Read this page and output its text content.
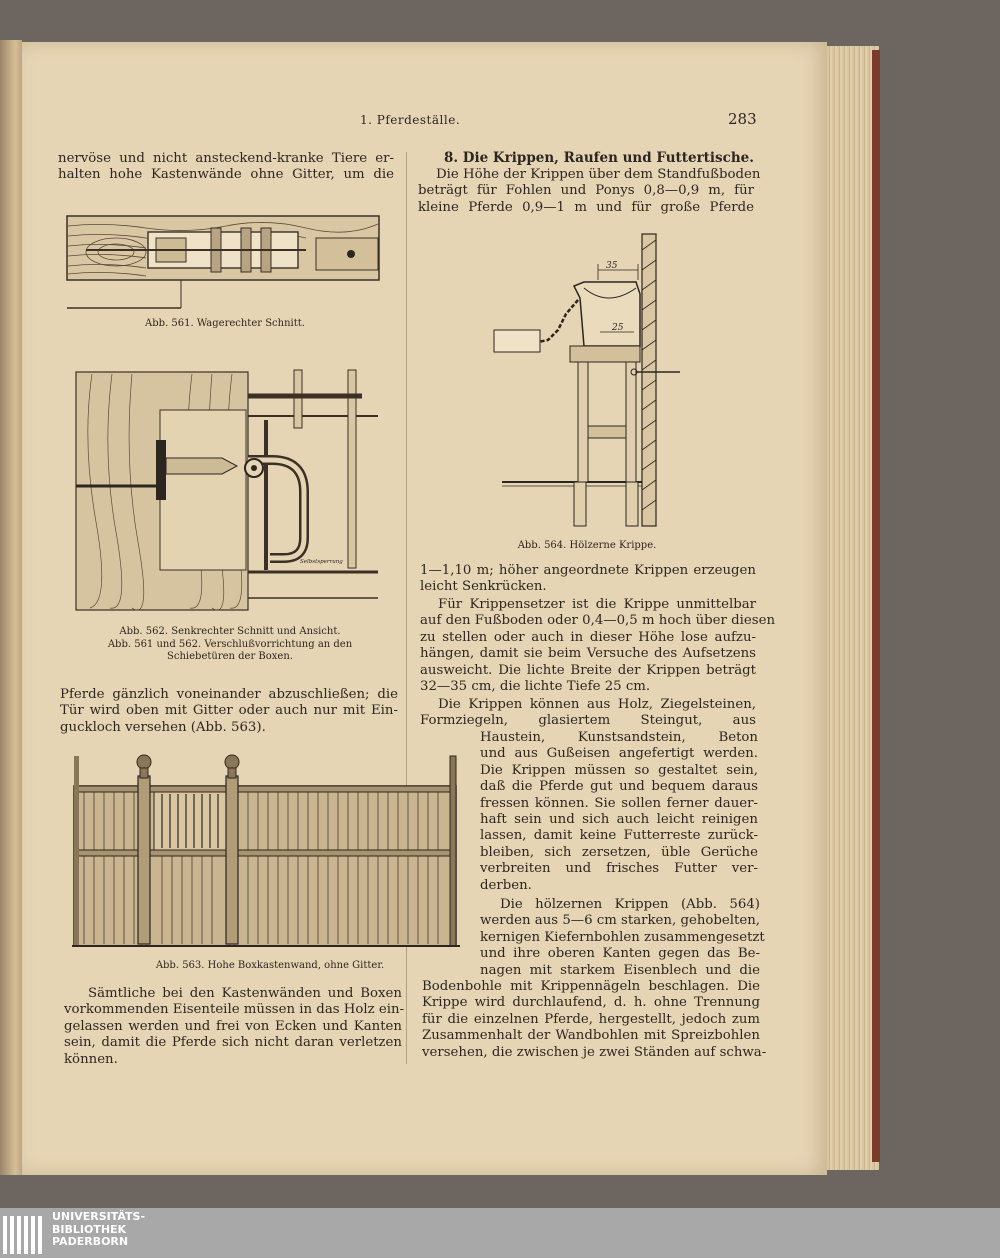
1. Pferdeställe.	283

nervöse und nicht ansteckend-kranke Tiere er-
halten hohe Kastenwände ohne Gitter, um die

Abb. 561. Wagerechter Schnitt.
Selbstsperrung
Abb. 562. Senkrechter Schnitt und Ansicht.
Abb. 561 und 562. Verschlußvorrichtung an den
Schiebetüren der Boxen.

Pferde gänzlich voneinander abzuschließen; die
Tür wird oben mit Gitter oder auch nur mit Ein-
guckloch versehen (Abb. 563).

Abb. 563. Hohe Boxkastenwand, ohne Gitter.

Sämtliche bei den Kastenwänden und Boxen
vorkommenden Eisenteile müssen in das Holz ein-
gelassen werden und frei von Ecken und Kanten
sein, damit die Pferde sich nicht daran verletzen
können.

8. Die Krippen, Raufen und Futtertische.

Die Höhe der Krippen über dem Standfußboden
beträgt für Fohlen und Ponys 0,8—0,9 m, für
kleine Pferde 0,9—1 m und für große Pferde

35
25
Abb. 564. Hölzerne Krippe.

1—1,10 m; höher angeordnete Krippen erzeugen
leicht Senkrücken.

Für Krippensetzer ist die Krippe unmittelbar
auf den Fußboden oder 0,4—0,5 m hoch über diesen
zu stellen oder auch in dieser Höhe lose aufzu-
hängen, damit sie beim Versuche des Aufsetzens
ausweicht. Die lichte Breite der Krippen beträgt
32—35 cm, die lichte Tiefe 25 cm.

Die Krippen können aus Holz, Ziegelsteinen,
Formziegeln, glasiertem Steingut, aus

Haustein, Kunstsandstein, Beton
und aus Gußeisen angefertigt werden.
Die Krippen müssen so gestaltet sein,
daß die Pferde gut und bequem daraus
fressen können. Sie sollen ferner dauer-
haft sein und sich auch leicht reinigen
lassen, damit keine Futterreste zurück-
bleiben, sich zersetzen, üble Gerüche
verbreiten und frisches Futter ver-
derben.

Die hölzernen Krippen (Abb. 564)
werden aus 5—6 cm starken, gehobelten,
kernigen Kiefernbohlen zusammengesetzt
und ihre oberen Kanten gegen das Be-
nagen mit starkem Eisenblech und die

Bodenbohle mit Krippennägeln beschlagen. Die
Krippe wird durchlaufend, d. h. ohne Trennung
für die einzelnen Pferde, hergestellt, jedoch zum
Zusammenhalt der Wandbohlen mit Spreizbohlen
versehen, die zwischen je zwei Ständen auf schwa-

UNIVERSITÄTS-
BIBLIOTHEK
PADERBORN
